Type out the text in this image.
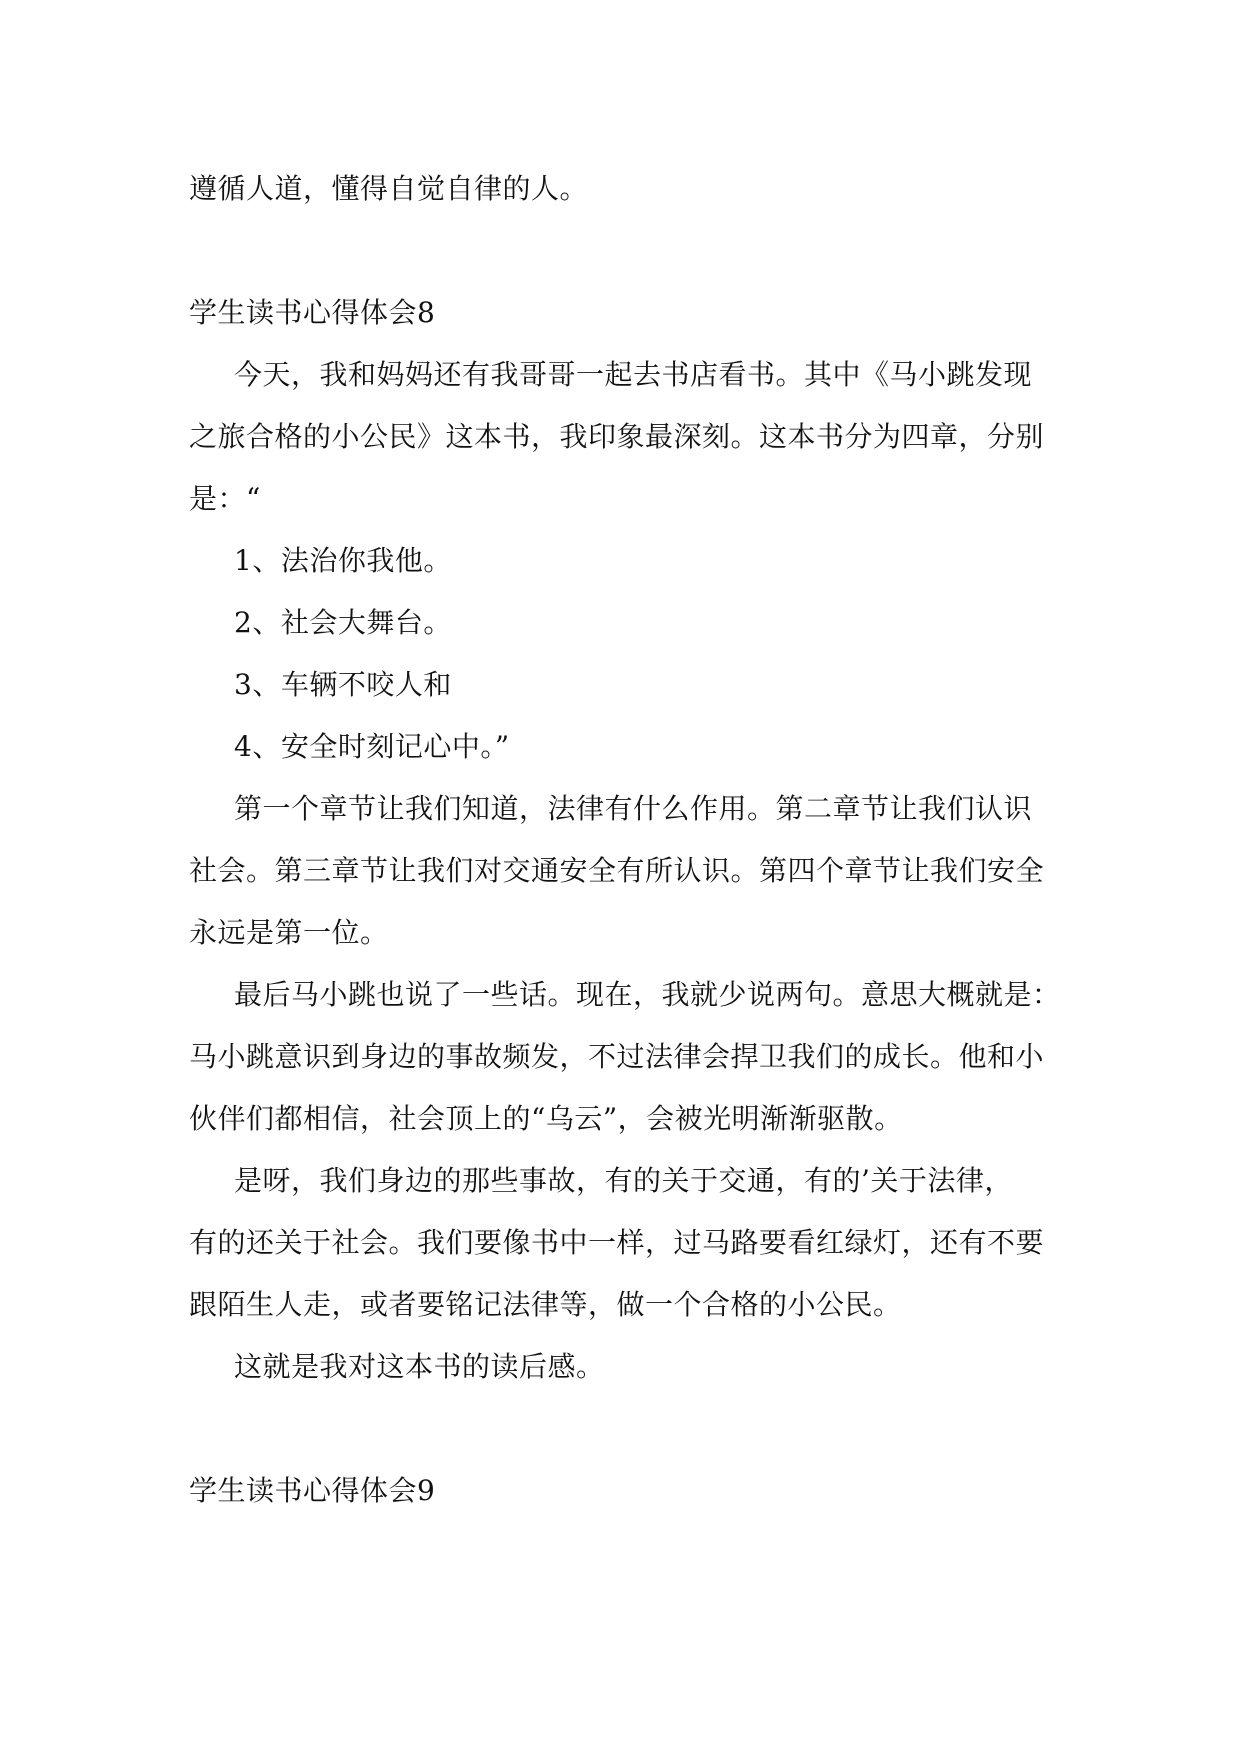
遵循人道，懂得自觉自律的人。

学生读书心得体会8

今天，我和妈妈还有我哥哥一起去书店看书。其中《马小跳发现

之旅合格的小公民》这本书，我印象最深刻。这本书分为四章，分别

是：“

1、法治你我他。

2、社会大舞台。

3、车辆不咬人和

4、安全时刻记心中。”

第一个章节让我们知道，法律有什么作用。第二章节让我们认识

社会。第三章节让我们对交通安全有所认识。第四个章节让我们安全

永远是第一位。

最后马小跳也说了一些话。现在，我就少说两句。意思大概就是：

马小跳意识到身边的事故频发，不过法律会捍卫我们的成长。他和小

伙伴们都相信，社会顶上的“乌云”，会被光明渐渐驱散。

是呀，我们身边的那些事故，有的关于交通，有的’关于法律，

有的还关于社会。我们要像书中一样，过马路要看红绿灯，还有不要

跟陌生人走，或者要铭记法律等，做一个合格的小公民。

这就是我对这本书的读后感。

学生读书心得体会9
